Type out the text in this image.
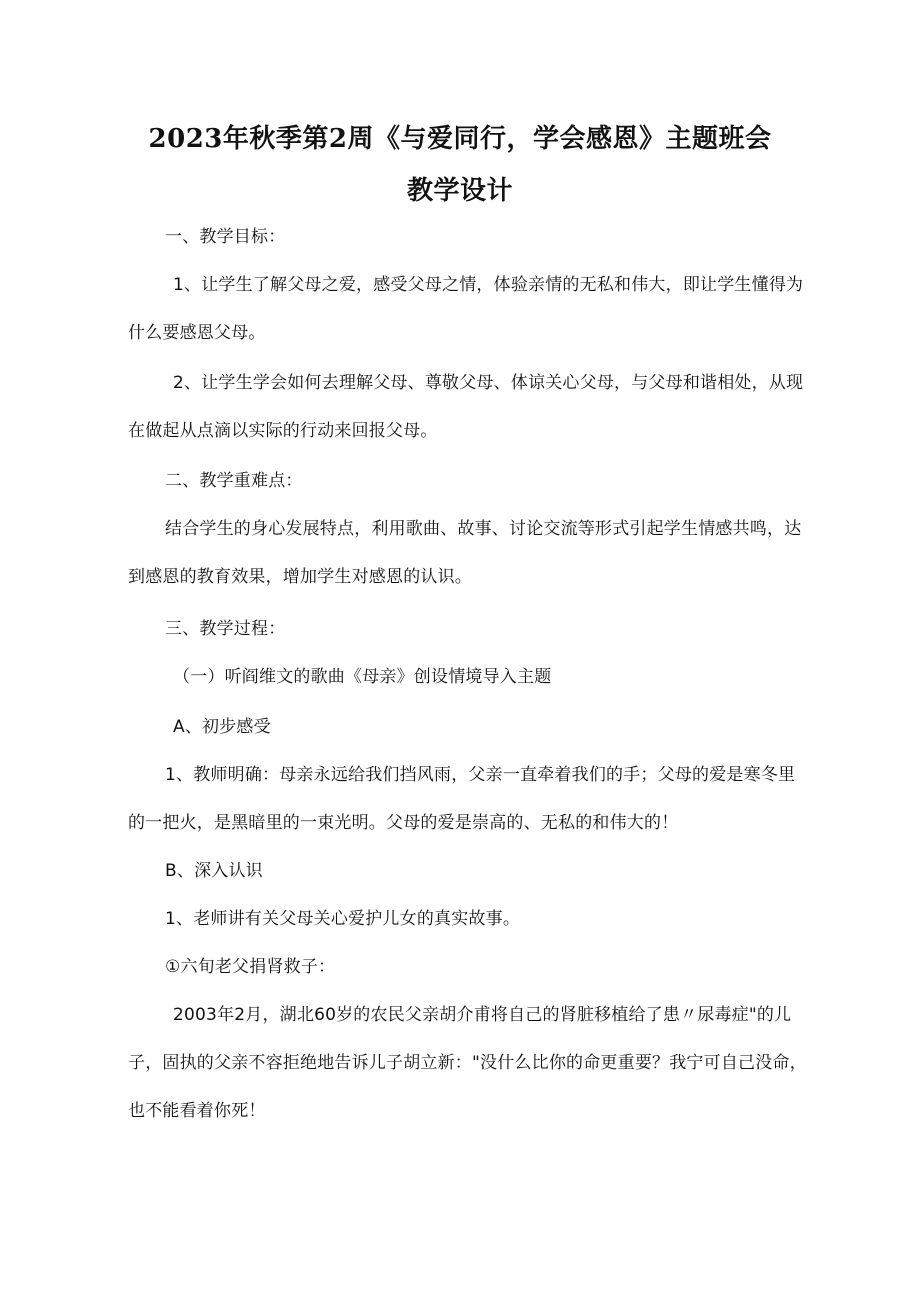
2023年秋季第2周《与爱同行，学会感恩》主题班会
教学设计
一、教学目标：
1、让学生了解父母之爱，感受父母之情，体验亲情的无私和伟大，即让学生懂得为
什么要感恩父母。
2、让学生学会如何去理解父母、尊敬父母、体谅关心父母，与父母和谐相处，从现
在做起从点滴以实际的行动来回报父母。
二、教学重难点：
结合学生的身心发展特点，利用歌曲、故事、讨论交流等形式引起学生情感共鸣，达
到感恩的教育效果，增加学生对感恩的认识。
三、教学过程：
（一）听阎维文的歌曲《母亲》创设情境导入主题
A、初步感受
1、教师明确：母亲永远给我们挡风雨，父亲一直牵着我们的手；父母的爱是寒冬里
的一把火，是黑暗里的一束光明。父母的爱是崇高的、无私的和伟大的！
B、深入认识
1、老师讲有关父母关心爱护儿女的真实故事。
①六旬老父捐肾救子：
2003年2月，湖北60岁的农民父亲胡介甫将自己的肾脏移植给了患〃尿毒症"的儿
子，固执的父亲不容拒绝地告诉儿子胡立新："没什么比你的命更重要？我宁可自己没命，
也不能看着你死！
